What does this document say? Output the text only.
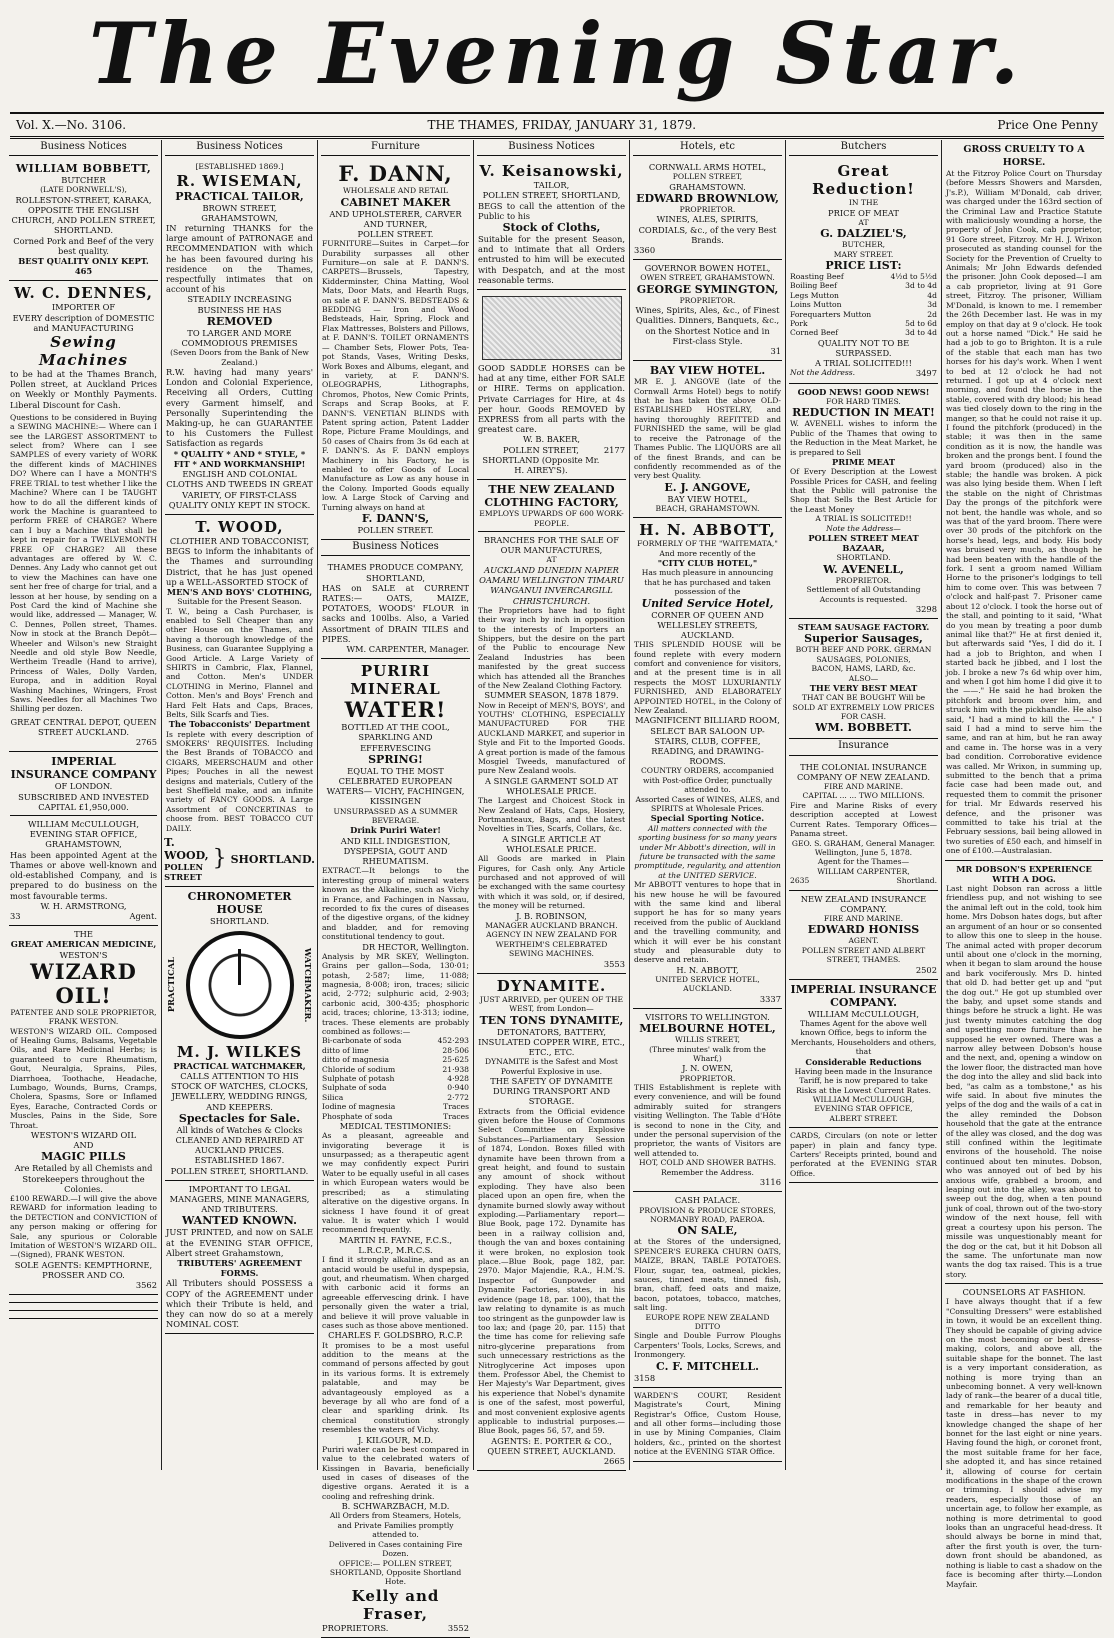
The Evening Star.
Vol. X.—No. 3106.	THE THAMES, FRIDAY, JANUARY 31, 1879.	Price One Penny
Business Notices
WILLIAM BOBBETT,
BUTCHER
(LATE DORNWELL'S),
ROLLESTON-STREET, KARAKA, OPPOSITE THE ENGLISH CHURCH, AND POLLEN STREET, SHORTLAND.
Corned Pork and Beef of the very best quality.
BEST QUALITY ONLY KEPT. 465
W. C. DENNES,
IMPORTER OF
EVERY description of DOMESTIC and MANUFACTURING
Sewing Machines
to be had at the Thames Branch, Pollen street, at Auckland Prices on Weekly or Monthly Payments. Liberal Discount for Cash.
Questions to be considered in Buying a SEWING MACHINE:— Where can I see the LARGEST ASSORTMENT to select from? Where can I see SAMPLES of every variety of WORK the different kinds of MACHINES DO? Where can I have a MONTH'S FREE TRIAL to test whether I like the Machine? Where can I be TAUGHT how to do all the different kinds of work the Machine is guaranteed to perform FREE of CHARGE? Where can I buy a Machine that shall be kept in repair for a TWELVEMONTH FREE OF CHARGE? All these advantages are offered by W. C. Dennes. Any Lady who cannot get out to view the Machines can have one sent her free of charge for trial, and a lesson at her house, by sending on a Post Card the kind of Machine she would like, addressed — Manager, W. C. Dennes, Pollen street, Thames. Now in stock at the Branch Depôt—Wheeler and Wilson's new Straight Needle and old style Bow Needle, Wertheim Treadle (Hand to arrive), Princess of Wales, Dolly Varden, Europa, and in addition Royal Washing Machines, Wringers, Frost Saws. Needles for all Machines Two Shilling per dozen.
GREAT CENTRAL DEPOT, QUEEN STREET AUCKLAND.
2765
IMPERIAL
INSURANCE COMPANY
OF LONDON.
SUBSCRIBED AND INVESTED
CAPITAL £1,950,000.
WILLIAM McCULLOUGH,
EVENING STAR OFFICE, GRAHAMSTOWN,
Has been appointed Agent at the Thames or above well-known and old-established Company, and is prepared to do business on the most favourable terms.
W. H. ARMSTRONG,
33	Agent.
THE
GREAT AMERICAN MEDICINE,
WESTON'S
WIZARD OIL!
PATENTEE AND SOLE PROPRIETOR, FRANK WESTON.
WESTON'S WIZARD OIL. Composed of Healing Gums, Balsams, Vegetable Oils, and Rare Medicinal Herbs; is guaranteed to cure Rheumatism, Gout, Neuralgia, Sprains, Piles, Diarrhoea, Toothache, Headache, Lumbago, Wounds, Burns, Cramps, Cholera, Spasms, Sore or Inflamed Eyes, Earache, Contracted Cords or Muscles, Pains in the Side, Sore Throat.
WESTON'S WIZARD OIL
AND
MAGIC PILLS
Are Retailed by all Chemists and Storekeepers throughout the Colonies.
£100 REWARD.—I will give the above REWARD for information leading to the DETECTION and CONVICTION of any person making or offering for Sale, any spurious or Colorable Imitation of WESTON'S WIZARD OIL.—(Signed), FRANK WESTON.
SOLE AGENTS: KEMPTHORNE, PROSSER AND CO.
3562
Business Notices
[ESTABLISHED 1869.]
R. WISEMAN,
PRACTICAL TAILOR,
BROWN STREET,
GRAHAMSTOWN,
IN returning THANKS for the large amount of PATRONAGE and RECOMMENDATION with which he has been favoured during his residence on the Thames, respectfully intimates that on account of his
STEADILY INCREASING BUSINESS HE HAS
REMOVED
TO LARGER AND MORE COMMODIOUS PREMISES
(Seven Doors from the Bank of New Zealand.)
R.W. having had many years' London and Colonial Experience, Receiving all Orders, Cutting every Garment himself, and Personally Superintending the Making-up, he can GUARANTEE to his Customers the Fullest Satisfaction as regards
* QUALITY * AND * STYLE, * FIT * AND WORKMANSHIP!
ENGLISH AND COLONIAL CLOTHS AND TWEEDS IN GREAT VARIETY, OF FIRST-CLASS QUALITY ONLY KEPT IN STOCK.
T. WOOD,
CLOTHIER AND TOBACCONIST,
BEGS to inform the inhabitants of the Thames and surrounding District, that he has just opened up a WELL-ASSORTED STOCK of
MEN'S AND BOYS' CLOTHING,
Suitable for the Present Season.
T. W., being a Cash Purchaser, is enabled to Sell Cheaper than any other House on the Thames, and having a thorough knowledge of the Business, can Guarantee Supplying a Good Article. A Large Variety of SHIRTS in Cambric, Flax, Flannel, and Cotton. Men's UNDER CLOTHING in Merino, Flannel and Cotton. Men's and Boys' French and Hard Felt Hats and Caps, Braces, Belts, Silk Scarfs and Ties.
The Tobacconists' Department
Is replete with every description of SMOKERS' REQUISITES. Including the Best Brands of TOBACCO and CIGARS, MEERSCHAUM and other Pipes; Pouches in all the newest designs and materials, Cutlery of the best Sheffield make, and an infinite variety of FANCY GOODS. A Large Assortment of CONCERTINAS to choose from. BEST TOBACCO CUT DAILY.
T. WOOD,
POLLEN STREET
} SHORTLAND.
CHRONOMETER HOUSE
SHORTLAND.
PRACTICAL	WATCHMAKER.
M. J. WILKES
PRACTICAL WATCHMAKER,
CALLS ATTENTION TO HIS STOCK OF WATCHES, CLOCKS, JEWELLERY, WEDDING RINGS, AND KEEPERS.
Spectacles for Sale.
All kinds of Watches & Clocks CLEANED AND REPAIRED AT AUCKLAND PRICES.
ESTABLISHED 1867.
POLLEN STREET, SHORTLAND.
IMPORTANT TO LEGAL MANAGERS, MINE MANAGERS, AND TRIBUTERS.
WANTED KNOWN.
JUST PRINTED, and now on SALE at the EVENING STAR OFFICE, Albert street Grahamstown,
TRIBUTERS' AGREEMENT FORMS.
All Tributers should POSSESS a COPY of the AGREEMENT under which their Tribute is held, and they can now do so at a merely NOMINAL COST.
Furniture
F. DANN,
WHOLESALE AND RETAIL
CABINET MAKER
AND UPHOLSTERER, CARVER AND TURNER,
POLLEN STREET.
FURNITURE—Suites in Carpet—for Durability surpasses all other Furniture—on sale at F. DANN'S. CARPETS—Brussels, Tapestry, Kidderminster, China Matting, Wool Mats, Door Mats, and Hearth Rugs, on sale at F. DANN'S. BEDSTEADS & BEDDING — Iron and Wood Bedsteads, Hair, Spring, Flock and Flax Mattresses, Bolsters and Pillows, at F. DANN'S. TOILET ORNAMENTS — Chamber Sets, Flower Pots, Tea-pot Stands, Vases, Writing Desks, Work Boxes and Albums, elegant, and in variety, at F. DANN'S. OLEOGRAPHS, Lithographs, Chromos, Photos, New Comic Prints, Scraps and Scrap Books, at F. DANN'S. VENETIAN BLINDS with Patent spring action, Patent Ladder Rope, Picture Frame Mouldings, and 50 cases of Chairs from 3s 6d each at F. DANN'S. As F. DANN employs Machinery in his Factory, he is enabled to offer Goods of Local Manufacture as Low as any house in the Colony. Imported Goods equally low. A Large Stock of Carving and Turning always on hand at
F. DANN'S,
POLLEN STREET.
Business Notices
THAMES PRODUCE COMPANY, SHORTLAND,
HAS on SALE at CURRENT RATES:— OATS, MAIZE, POTATOES, WOODS' FLOUR in sacks and 100lbs. Also, a Varied Assortment of DRAIN TILES and PIPES.
WM. CARPENTER, Manager.
PURIRI MINERAL
WATER!
BOTTLED AT THE COOL, SPARKLING AND EFFERVESCING
SPRING!
EQUAL TO THE MOST CELEBRATED EUROPEAN WATERS— VICHY, FACHINGEN, KISSINGEN
UNSURPASSED AS A SUMMER BEVERAGE.
Drink Puriri Water!
AND KILL INDIGESTION, DYSPEPSIA, GOUT AND RHEUMATISM.
EXTRACT.—It belongs to the interesting group of mineral waters known as the Alkaline, such as Vichy in France, and Fachingen in Nassau, recorded to fix the cures of diseases of the digestive organs, of the kidney and bladder, and for removing constitutional tendency to gout.
DR HECTOR, Wellington.
Analysis by MR SKEY, Wellington. Grains per gallon—Soda, 130·01; potash, 2·587; lime, 11·088; magnesia, 8·008; iron, traces; silicic acid, 2·772; sulphuric acid, 2·903; carbonic acid, 300·435; phosphoric acid, traces; chlorine, 13·313; iodine, traces. These elements are probably combined as follows:—
Bi-carbonate of soda	452·293
ditto of lime	28·506
ditto of magnesia	25·625
Chloride of sodium	21·938
Sulphate of potash	4·928
Sulphate of soda	0·940
Silica	2·772
Iodine of magnesia	Traces
Phosphate of soda	Traces
MEDICAL TESTIMONIES:
As a pleasant, agreeable and invigorating beverage it is unsurpassed; as a therapeutic agent we may confidently expect Puriri Water to be equally useful in all cases in which European waters would be prescribed; as a stimulating alterative on the digestive organs. In sickness I have found it of great value. It is water which I would recommend frequently.
MARTIN H. FAYNE, F.C.S., L.R.C.P., M.R.C.S.
I find it strongly alkaline, and as an antacid would be useful in dyspepsia, gout, and rheumatism. When charged with carbonic acid it forms an agreeable effervescing drink. I have personally given the water a trial, and believe it will prove valuable in cases such as those above mentioned.
CHARLES F. GOLDSBRO, R.C.P.
It promises to be a most useful addition to the means at the command of persons affected by gout in its various forms. It is extremely palatable, and may be advantageously employed as a beverage by all who are fond of a clear and sparkling drink. Its chemical constitution strongly resembles the waters of Vichy.
J. KILGOUR, M.D.
Puriri water can be best compared in value to the celebrated waters of Kissingen in Bavaria, beneficially used in cases of diseases of the digestive organs. Aerated it is a cooling and refreshing drink.
B. SCHWARZBACH, M.D.
All Orders from Steamers, Hotels, and Private Families promptly attended to.
Delivered in Cases containing Fire Dozen.
OFFICE:— POLLEN STREET, SHORTLAND, Opposite Shortland Hote.
Kelly and Fraser,
PROPRIETORS.	3552
Business Notices
V. Keisanowski,
TAILOR,
POLLEN STREET, SHORTLAND,
BEGS to call the attention of the Public to his
Stock of Cloths,
Suitable for the present Season, and to intimate that all Orders entrusted to him will be executed with Despatch, and at the most reasonable terms.
GOOD SADDLE HORSES can be had at any time, either FOR SALE or HIRE. Terms on application. Private Carriages for Hire, at 4s per hour. Goods REMOVED by EXPRESS from all parts with the greatest care.
W. B. BAKER,
POLLEN STREET, SHORTLAND (Opposite Mr. H. AIREY'S).
2177
THE NEW ZEALAND CLOTHING FACTORY,
EMPLOYS UPWARDS OF 600 WORK-PEOPLE.
BRANCHES FOR THE SALE OF OUR MANUFACTURES,
AT
AUCKLAND DUNEDIN NAPIER OAMARU WELLINGTON TIMARU WANGANUI INVERCARGILL CHRISTCHURCH.
The Proprietors have had to fight their way inch by inch in opposition to the interests of Importers an Shippers, but the desire on the part of the Public to encourage New Zealand Industries has been manifested by the great success which has attended all the Branches of the New Zealand Clothing Factory.
SUMMER SEASON, 1878 1879.
Now in Receipt of MEN'S, BOYS', and YOUTHS' CLOTHING, ESPECIALLY MANUFACTURED FOR THE AUCKLAND MARKET, and superior in Style and Fit to the Imported Goods. A great portion is made of the famous Mosgiel Tweeds, manufactured of pure New Zealand wools.
A SINGLE GARMENT SOLD AT WHOLESALE PRICE.
The Largest and Choicest Stock in New Zealand of Hats, Caps, Hosiery, Portmanteaux, Bags, and the latest Novelties in Ties, Scarfs, Collars, &c.
A SINGLE ARTICLE AT WHOLESALE PRICE.
All Goods are marked in Plain Figures, for Cash only. Any Article purchased and not approved of will be exchanged with the same courtesy with which it was sold, or, if desired, the money will be returned.
J. B. ROBINSON,
MANAGER AUCKLAND BRANCH.
AGENCY IN NEW ZEALAND FOR WERTHEIM'S CELEBRATED SEWING MACHINES.
3553
DYNAMITE.
JUST ARRIVED, per QUEEN OF THE WEST, from London—
TEN TONS DYNAMITE,
DETONATORS, BATTERY, INSULATED COPPER WIRE, ETC., ETC., ETC.
DYNAMITE is the Safest and Most Powerful Explosive in use.
THE SAFETY OF DYNAMITE DURING TRANSPORT AND STORAGE.
Extracts from the Official evidence given before the House of Commons Select Committee on Explosive Substances—Parliamentary Session of 1874, London. Boxes filled with dynamite have been thrown from a great height, and found to sustain any amount of shock without exploding. They have also been placed upon an open fire, when the dynamite burned slowly away without exploding.—Parliamentary report—Blue Book, page 172. Dynamite has been in a railway collision and, though the van and boxes containing it were broken, no explosion took place.—Blue Book, page 182, par. 2970. Major Majendie, R.A., H.M.'S. Inspector of Gunpowder and Dynamite Factories, states, in his evidence (page 18, par. 100), that the law relating to dynamite is as much too stringent as the gunpowder law is too lax; and (page 20, par. 115) that the time has come for relieving safe nitro-glycerine preparations from such unnecessary restrictions as the Nitroglycerine Act imposes upon them. Professor Abel, the Chemist to Her Majesty's War Department, gives his experience that Nobel's dynamite is one of the safest, most powerful, and most convenient explosive agents applicable to industrial purposes.—Blue Book, pages 56, 57, and 59.
AGENTS: E. PORTER & CO., QUEEN STREET, AUCKLAND.
2665
Hotels, etc
CORNWALL ARMS HOTEL,
POLLEN STREET,
GRAHAMSTOWN.
EDWARD BROWNLOW,
PROPRIETOR.
WINES, ALES, SPIRITS, CORDIALS, &c., of the very Best Brands.
3360
GOVERNOR BOWEN HOTEL,
OWEN STREET, GRAHAMSTOWN.
GEORGE SYMINGTON,
PROPRIETOR.
Wines, Spirits, Ales, &c., of Finest Qualities. Dinners, Banquets, &c., on the Shortest Notice and in First-class Style.
31
BAY VIEW HOTEL.
MR E. J. ANGOVE (late of the Cornwall Arms Hotel) begs to notify that he has taken the above OLD-ESTABLISHED HOSTELRY, and having thoroughly REFITTED and FURNISHED the same, will be glad to receive the Patronage of the Thames Public. The LIQUORS are all of the finest Brands, and can be confidently recommended as of the very best Quality.
E. J. ANGOVE,
BAY VIEW HOTEL,
BEACH, GRAHAMSTOWN.
H. N. ABBOTT,
FORMERLY OF THE "WAITEMATA," And more recently of the
"CITY CLUB HOTEL,"
Has much pleasure in announcing that he has purchased and taken possession of the
United Service Hotel,
CORNER OF QUEEN AND WELLESLEY STREETS, AUCKLAND.
THIS SPLENDID HOUSE will be found replete with every modern comfort and convenience for visitors, and at the present time is in all respects the MOST LUXURIANTLY FURNISHED, AND ELABORATELY APPOINTED HOTEL, in the Colony of New Zealand.
MAGNIFICENT BILLIARD ROOM, SELECT BAR SALOON UP-STAIRS, CLUB, COFFEE, READING, and DRAWING-ROOMS.
COUNTRY ORDERS, accompanied with Post-office Order, punctually attended to.
Assorted Cases of WINES, ALES, and SPIRITS at Wholesale Prices.
Special Sporting Notice.
All matters connected with the sporting business for so many years under Mr Abbott's direction, will in future be transacted with the same promptitude, regularity, and attention at the UNITED SERVICE.
Mr ABBOTT ventures to hope that in his new house he will be favoured with the same kind and liberal support he has for so many years received from the public of Auckland and the travelling community, and which it will ever be his constant study and pleasurable duty to deserve and retain.
H. N. ABBOTT,
UNITED SERVICE HOTEL, AUCKLAND.
3337
VISITORS TO WELLINGTON.
MELBOURNE HOTEL,
WILLIS STREET,
(Three minutes' walk from the Wharf,)
J. N. OWEN,
PROPRIETOR.
THIS Establishment is replete with every convenience, and will be found admirably suited for strangers visiting Wellington. The Table d'Hôte is second to none in the City, and under the personal supervision of the proprietor, the wants of Visitors are well attended to.
HOT, COLD AND SHOWER BATHS. Remember the Address.
3116
CASH PALACE.
PROVISION & PRODUCE STORES, NORMANBY ROAD, PAEROA.
ON SALE,
at the Stores of the undersigned, SPENCER'S EUREKA CHURN OATS, MAIZE, BRAN, TABLE POTATOES. Flour, sugar, tea, oatmeal, pickles, sauces, tinned meats, tinned fish, bran, chaff, feed oats and maize, bacon, potatoes, tobacco, matches, salt ling.
EUROPE ROPE NEW ZEALAND DITTO
Single and Double Furrow Ploughs Carpenters' Tools, Locks, Screws, and Ironmongery.
C. F. MITCHELL.
3158
WARDEN'S COURT, Resident Magistrate's Court, Mining Registrar's Office, Custom House, and all other forms—including those in use by Mining Companies, Claim holders, &c., printed on the shortest notice at the EVENING STAR Office.
Butchers
Great Reduction!
IN THE
PRICE OF MEAT
AT
G. DALZIEL'S,
BUTCHER,
MARY STREET.
PRICE LIST:
Roasting Beef	4½d to 5½d
Boiling Beef	3d to 4d
Legs Mutton	4d
Loins Mutton	3d
Forequarters Mutton	2d
Pork	5d to 6d
Corned Beef	3d to 4d
QUALITY NOT TO BE SURPASSED.
A TRIAL SOLICITED!!!
Not the Address.	3497
GOOD NEWS! GOOD NEWS!
FOR HARD TIMES.
REDUCTION IN MEAT!
W. AVENELL wishes to inform the Public of the Thames that owing to the Reduction in the Meat Market, he is prepared to Sell
PRIME MEAT
Of Every Description at the Lowest Possible Prices for CASH, and feeling that the Public will patronise the Shop that Sells the Best Article for the Least Money
A TRIAL IS SOLICITED!!
Note the Address—
POLLEN STREET MEAT BAZAAR,
SHORTLAND.
W. AVENELL,
PROPRIETOR.
Settlement of all Outstanding Accounts is requested.
3298
STEAM SAUSAGE FACTORY.
Superior Sausages,
BOTH BEEF AND PORK. GERMAN SAUSAGES, POLONIES,
BACON, HAMS, LARD, &c.
ALSO—
THE VERY BEST MEAT
THAT CAN BE BOUGHT Will be SOLD AT EXTREMELY LOW PRICES FOR CASH.
WM. BOBBETT.
Insurance
THE COLONIAL INSURANCE COMPANY OF NEW ZEALAND.
FIRE AND MARINE.
CAPITAL ... ... TWO MILLIONS.
Fire and Marine Risks of every description accepted at Lowest Current Rates. Temporary Offices—Panama street.
GEO. S. GRAHAM, General Manager.
Wellington, June 5, 1878.
Agent for the Thames—
WILLIAM CARPENTER,
2635	Shortland.
NEW ZEALAND INSURANCE COMPANY.
FIRE AND MARINE.
EDWARD HONISS
AGENT.
POLLEN STREET AND ALBERT STREET, THAMES.
2502
IMPERIAL INSURANCE COMPANY.
WILLIAM McCULLOUGH,
Thames Agent for the above well known Office, begs to inform the Merchants, Householders and others, that
Considerable Reductions
Having been made in the Insurance Tariff, he is now prepared to take Risks at the Lowest Current Rates.
WILLIAM McCULLOUGH,
EVENING STAR OFFICE,
ALBERT STREET.
CARDS, Circulars (on note or letter paper) in plain and fancy type. Carters' Receipts printed, bound and perforated at the EVENING STAR Office.
GROSS CRUELTY TO A HORSE.
At the Fitzroy Police Court on Thursday (before Messrs Showers and Marsden, J's.P.), William M'Donald, cab driver, was charged under the 163rd section of the Criminal Law and Practice Statute with maliciously wounding a horse, the property of John Cook, cab proprietor, 91 Gore street, Fitzroy. Mr H. J. Wrixon prosecuted as standing counsel for the Society for the Prevention of Cruelty to Animals; Mr John Edwards defended the prisoner. John Cook deposed—I am a cab proprietor, living at 91 Gore street, Fitzroy. The prisoner, William M'Donald, is known to me. I remember the 26th December last. He was in my employ on that day at 9 o'clock. He took out a horse named "Dick." He said he had a job to go to Brighton. It is a rule of the stable that each man has two horses for his day's work. When I went to bed at 12 o'clock he had not returned. I got up at 4 o'clock next morning, and found the horse in the stable, covered with dry blood; his head was tied closely down to the ring in the manger, so that he could not raise it up. I found the pitchfork (produced) in the stable; it was then in the same condition as it is now, the handle was broken and the prongs bent. I found the yard broom (produced) also in the stable; the handle was broken. A pick was also lying beside them. When I left the stable on the night of Christmas Day the prongs of the pitchfork were not bent, the handle was whole, and so was that of the yard broom. There were over 30 prods of the pitchfork on the horse's head, legs, and body. His body was bruised very much, as though he had been beaten with the handle of the fork. I sent a groom named William Horne to the prisoner's lodgings to tell him to come over. This was between 7 o'clock and half-past 7. Prisoner came about 12 o'clock. I took the horse out of the stall, and pointing to it said, "What do you mean by treating a poor dumb animal like that?" He at first denied it, but afterwards said "Yes, I did do it. I had a job to Brighton, and when I started back he jibbed, and I lost the job. I broke a new 7s 6d whip over him, and when I got him home I did give it to the ——." He said he had broken the pitchfork and broom over him, and struck him with the pickhandle. He also said, "I had a mind to kill the ——." I said I had a mind to serve him the same, and ran at him, but he ran away and came in. The horse was in a very bad condition. Corroborative evidence was called. Mr Wrixon, in summing up, submitted to the bench that a prima facie case had been made out, and requested them to commit the prisoner for trial. Mr Edwards reserved his defence, and the prisoner was committed to take his trial at the February sessions, bail being allowed in two sureties of £50 each, and himself in one of £100.—Australasian.
MR DOBSON'S EXPERIENCE WITH A DOG.
Last night Dobson ran across a little friendless pup, and not wishing to see the animal left out in the cold, took him home. Mrs Dobson hates dogs, but after an argument of an hour or so consented to allow this one to sleep in the house. The animal acted with proper decorum until about one o'clock in the morning, when it began to slam around the house and bark vociferously. Mrs D. hinted that old D. had better get up and "put the dog out." He got up stumbled over the baby, and upset some stands and things before he struck a light. He was just twenty minutes catching the dog and upsetting more furniture than he supposed he ever owned. There was a narrow alley between Dobson's house and the next, and, opening a window on the lower floor, the distracted man hove the dog into the alley and slid back into bed, "as calm as a tombstone," as his wife said. In about five minutes the yelps of the dog and the wails of a cat in the alley reminded the Dobson household that the gate at the entrance of the alley was closed, and the dog was still confined within the legitimate environs of the household. The noise continued about ten minutes. Dobson, who was annoyed out of bed by his anxious wife, grabbed a broom, and leaping out into the alley, was about to sweep out the dog, when a ten pound junk of coal, thrown out of the two-story window of the next house, fell with great a courtesy upon his person. The missile was unquestionably meant for the dog or the cat, but it hit Dobson all the same. The unfortunate man now wants the dog tax raised. This is a true story.
COUNSELORS AT FASHION.
I have always thought that if a few "Consulting Dressers" were established in town, it would be an excellent thing. They should be capable of giving advice on the most becoming or best dress-making, colors, and above all, the suitable shape for the bonnet. The last is a very important consideration, as nothing is more trying than an unbecoming bonnet. A very well-known lady of rank—the bearer of a ducal title, and remarkable for her beauty and taste in dress—has never to my knowledge changed the shape of her bonnet for the last eight or nine years. Having found the high, or coronet front, the most suitable frame for her face, she adopted it, and has since retained it, allowing of course for certain modifications in the shape of the crown or trimming. I should advise my readers, especially those of an uncertain age, to follow her example, as nothing is more detrimental to good looks than an ungraceful head-dress. It should always be borne in mind that, after the first youth is over, the turn-down front should be abandoned, as nothing is liable to cast a shadow on the face is becoming after thirty.—London Mayfair.
